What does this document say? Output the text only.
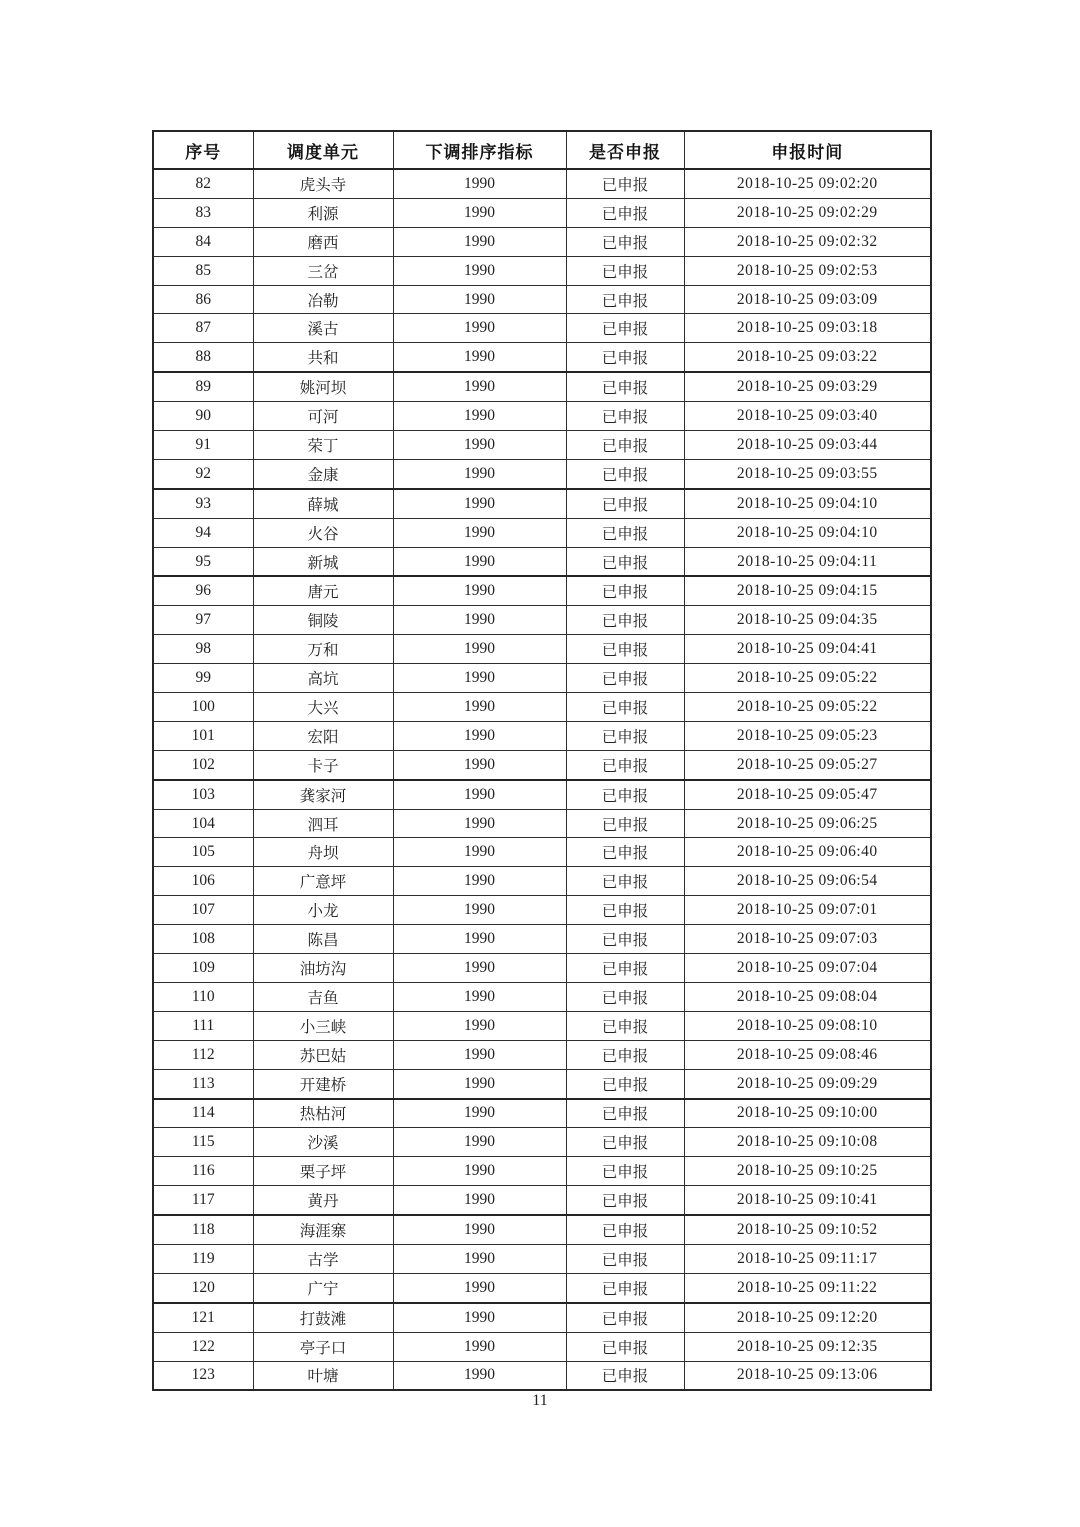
序号	调度单元	下调排序指标	是否申报	申报时间
82	虎头寺	1990	已申报	2018-10-25 09:02:20
83	利源	1990	已申报	2018-10-25 09:02:29
84	磨西	1990	已申报	2018-10-25 09:02:32
85	三岔	1990	已申报	2018-10-25 09:02:53
86	冶勒	1990	已申报	2018-10-25 09:03:09
87	溪古	1990	已申报	2018-10-25 09:03:18
88	共和	1990	已申报	2018-10-25 09:03:22
89	姚河坝	1990	已申报	2018-10-25 09:03:29
90	可河	1990	已申报	2018-10-25 09:03:40
91	荣丁	1990	已申报	2018-10-25 09:03:44
92	金康	1990	已申报	2018-10-25 09:03:55
93	薛城	1990	已申报	2018-10-25 09:04:10
94	火谷	1990	已申报	2018-10-25 09:04:10
95	新城	1990	已申报	2018-10-25 09:04:11
96	唐元	1990	已申报	2018-10-25 09:04:15
97	铜陵	1990	已申报	2018-10-25 09:04:35
98	万和	1990	已申报	2018-10-25 09:04:41
99	高坑	1990	已申报	2018-10-25 09:05:22
100	大兴	1990	已申报	2018-10-25 09:05:22
101	宏阳	1990	已申报	2018-10-25 09:05:23
102	卡子	1990	已申报	2018-10-25 09:05:27
103	龚家河	1990	已申报	2018-10-25 09:05:47
104	泗耳	1990	已申报	2018-10-25 09:06:25
105	舟坝	1990	已申报	2018-10-25 09:06:40
106	广意坪	1990	已申报	2018-10-25 09:06:54
107	小龙	1990	已申报	2018-10-25 09:07:01
108	陈昌	1990	已申报	2018-10-25 09:07:03
109	油坊沟	1990	已申报	2018-10-25 09:07:04
110	吉鱼	1990	已申报	2018-10-25 09:08:04
111	小三峡	1990	已申报	2018-10-25 09:08:10
112	苏巴姑	1990	已申报	2018-10-25 09:08:46
113	开建桥	1990	已申报	2018-10-25 09:09:29
114	热枯河	1990	已申报	2018-10-25 09:10:00
115	沙溪	1990	已申报	2018-10-25 09:10:08
116	栗子坪	1990	已申报	2018-10-25 09:10:25
117	黄丹	1990	已申报	2018-10-25 09:10:41
118	海涯寨	1990	已申报	2018-10-25 09:10:52
119	古学	1990	已申报	2018-10-25 09:11:17
120	广宁	1990	已申报	2018-10-25 09:11:22
121	打鼓滩	1990	已申报	2018-10-25 09:12:20
122	亭子口	1990	已申报	2018-10-25 09:12:35
123	叶塘	1990	已申报	2018-10-25 09:13:06
11
